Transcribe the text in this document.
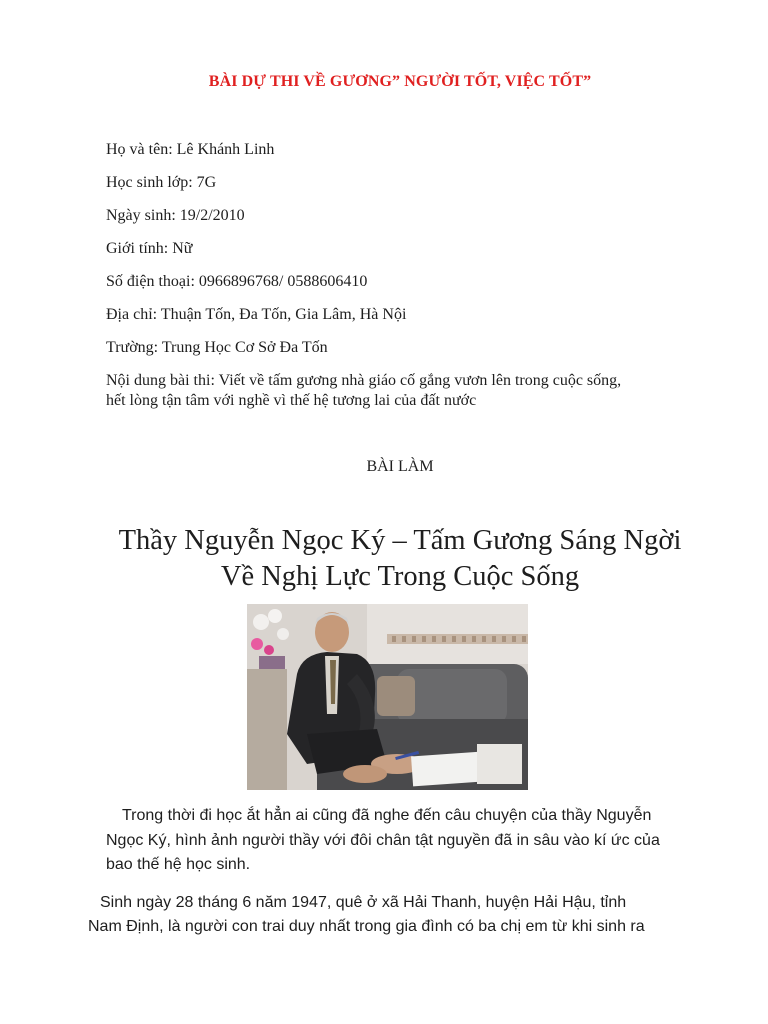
BÀI DỰ THI VỀ GƯƠNG” NGƯỜI TỐT, VIỆC TỐT”
Họ và tên: Lê Khánh Linh
Học sinh lớp: 7G
Ngày sinh: 19/2/2010
Giới tính: Nữ
Số điện thoại: 0966896768/ 0588606410
Địa chỉ: Thuận Tốn, Đa Tốn, Gia Lâm, Hà Nội
Trường: Trung Học Cơ Sở Đa Tốn
Nội dung bài thi: Viết về tấm gương nhà giáo cố gắng vươn lên trong cuộc sống,
hết lòng tận tâm với nghề vì thế hệ tương lai của đất nước
BÀI LÀM
Thầy Nguyễn Ngọc Ký – Tấm Gương Sáng Ngời
Về Nghị Lực Trong Cuộc Sống
Trong thời đi học ắt hẳn ai cũng đã nghe đến câu chuyện của thầy Nguyễn
Ngọc Ký, hình ảnh người thầy với đôi chân tật nguyền đã in sâu vào kí ức của
bao thế hệ học sinh.
Sinh ngày 28 tháng 6 năm 1947, quê ở xã Hải Thanh, huyện Hải Hậu, tỉnh
Nam Định, là người con trai duy nhất trong gia đình có ba chị em từ khi sinh ra
